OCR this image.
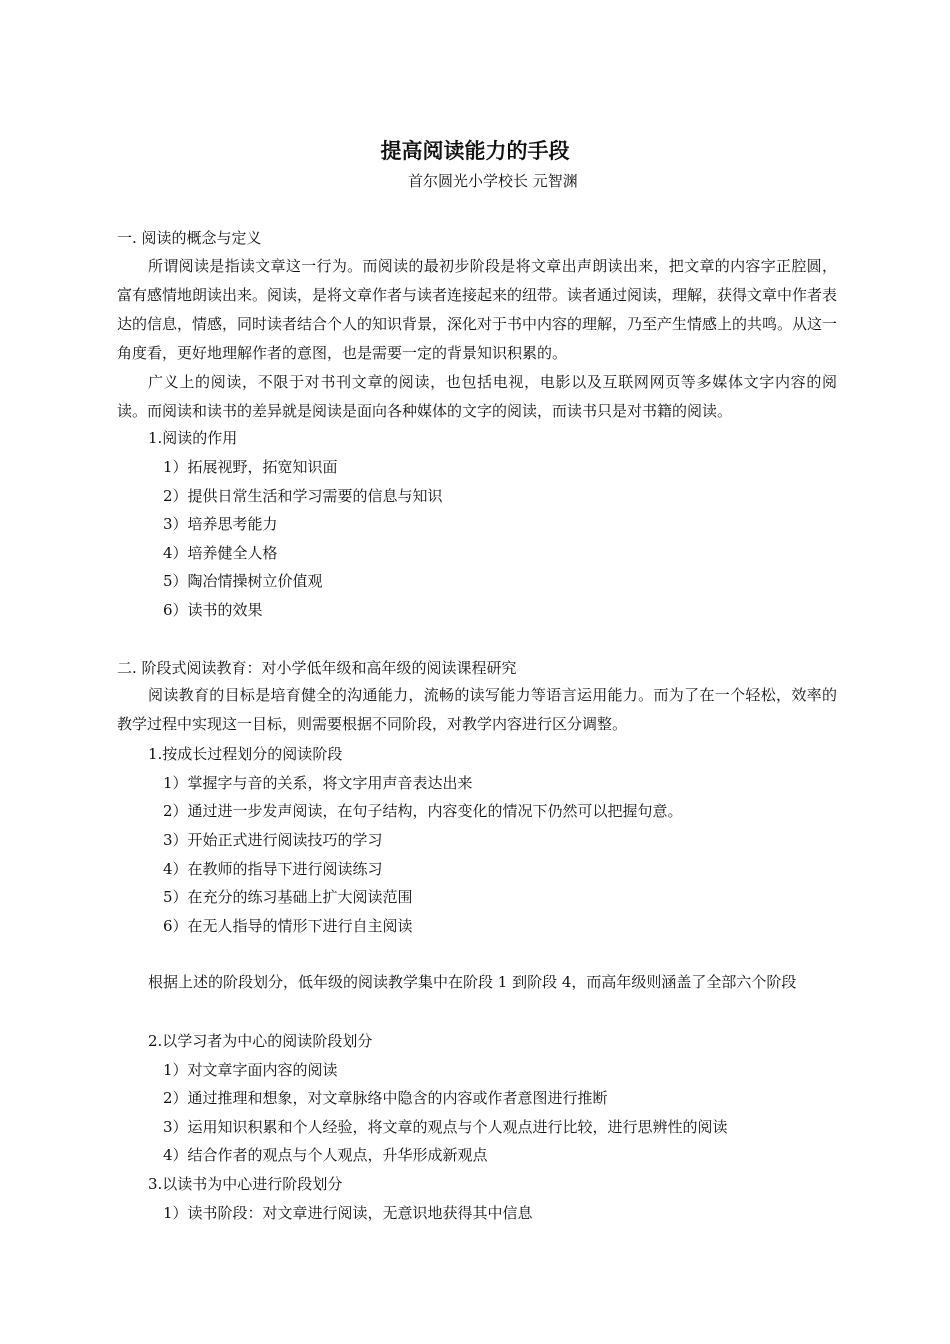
提高阅读能力的手段
首尔圆光小学校长 元智渊
一. 阅读的概念与定义
所谓阅读是指读文章这一行为。而阅读的最初步阶段是将文章出声朗读出来，把文章的内容字正腔圆，富有感情地朗读出来。阅读，是将文章作者与读者连接起来的纽带。读者通过阅读，理解，获得文章中作者表达的信息，情感，同时读者结合个人的知识背景，深化对于书中内容的理解，乃至产生情感上的共鸣。从这一角度看，更好地理解作者的意图，也是需要一定的背景知识积累的。
广义上的阅读，不限于对书刊文章的阅读，也包括电视，电影以及互联网网页等多媒体文字内容的阅读。而阅读和读书的差异就是阅读是面向各种媒体的文字的阅读，而读书只是对书籍的阅读。
1.阅读的作用
1）拓展视野，拓宽知识面
2）提供日常生活和学习需要的信息与知识
3）培养思考能力
4）培养健全人格
5）陶冶情操树立价值观
6）读书的效果
二. 阶段式阅读教育：对小学低年级和高年级的阅读课程研究
阅读教育的目标是培育健全的沟通能力，流畅的读写能力等语言运用能力。而为了在一个轻松，效率的教学过程中实现这一目标，则需要根据不同阶段，对教学内容进行区分调整。
1.按成长过程划分的阅读阶段
1）掌握字与音的关系，将文字用声音表达出来
2）通过进一步发声阅读，在句子结构，内容变化的情况下仍然可以把握句意。
3）开始正式进行阅读技巧的学习
4）在教师的指导下进行阅读练习
5）在充分的练习基础上扩大阅读范围
6）在无人指导的情形下进行自主阅读
根据上述的阶段划分，低年级的阅读教学集中在阶段 1 到阶段 4，而高年级则涵盖了全部六个阶段
2.以学习者为中心的阅读阶段划分
1）对文章字面内容的阅读
2）通过推理和想象，对文章脉络中隐含的内容或作者意图进行推断
3）运用知识积累和个人经验，将文章的观点与个人观点进行比较，进行思辨性的阅读
4）结合作者的观点与个人观点，升华形成新观点
3.以读书为中心进行阶段划分
1）读书阶段：对文章进行阅读，无意识地获得其中信息
